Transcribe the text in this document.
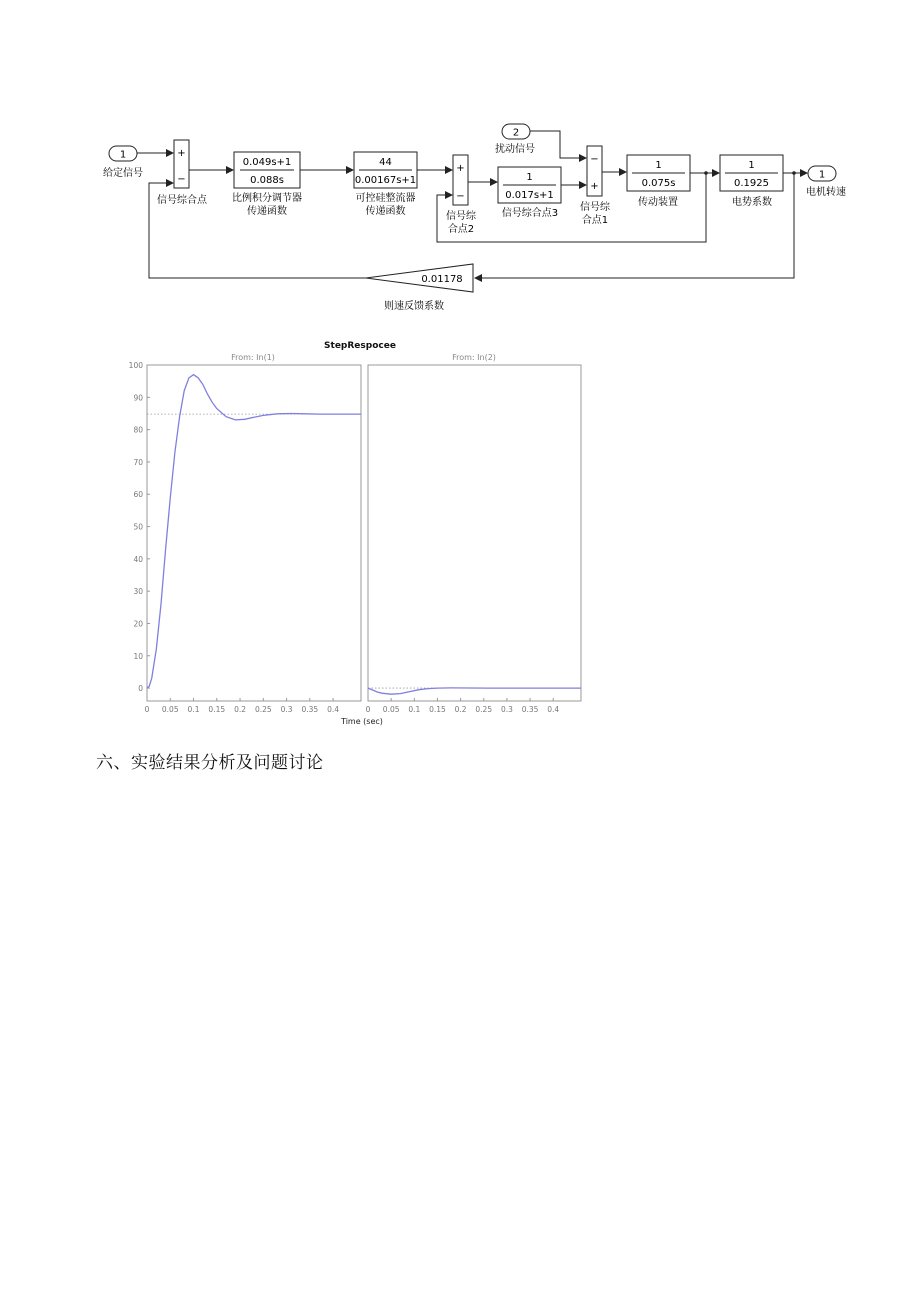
1
给定信号
+
−
信号综合点
0.049s+1
0.088s
比例积分调节器
传递函数
44
0.00167s+1
可控硅整流器
传递函数
+
−
信号综
合点2
1
0.017s+1
信号综合点3
2
扰动信号
−
+
信号综
合点1
1
0.075s
传动装置
1
0.1925
电势系数
1
电机转速
0.01178
则速反馈系数
StepRespocee
From: In(1)	From: In(2)
0
10
20
30
40
50
60
70
80
90
100
0 0.05 0.1 0.15 0.2 0.25 0.3 0.35 0.4	0 0.05 0.1 0.15 0.2 0.25 0.3 0.35 0.4
Time (sec)
六、实验结果分析及问题讨论
